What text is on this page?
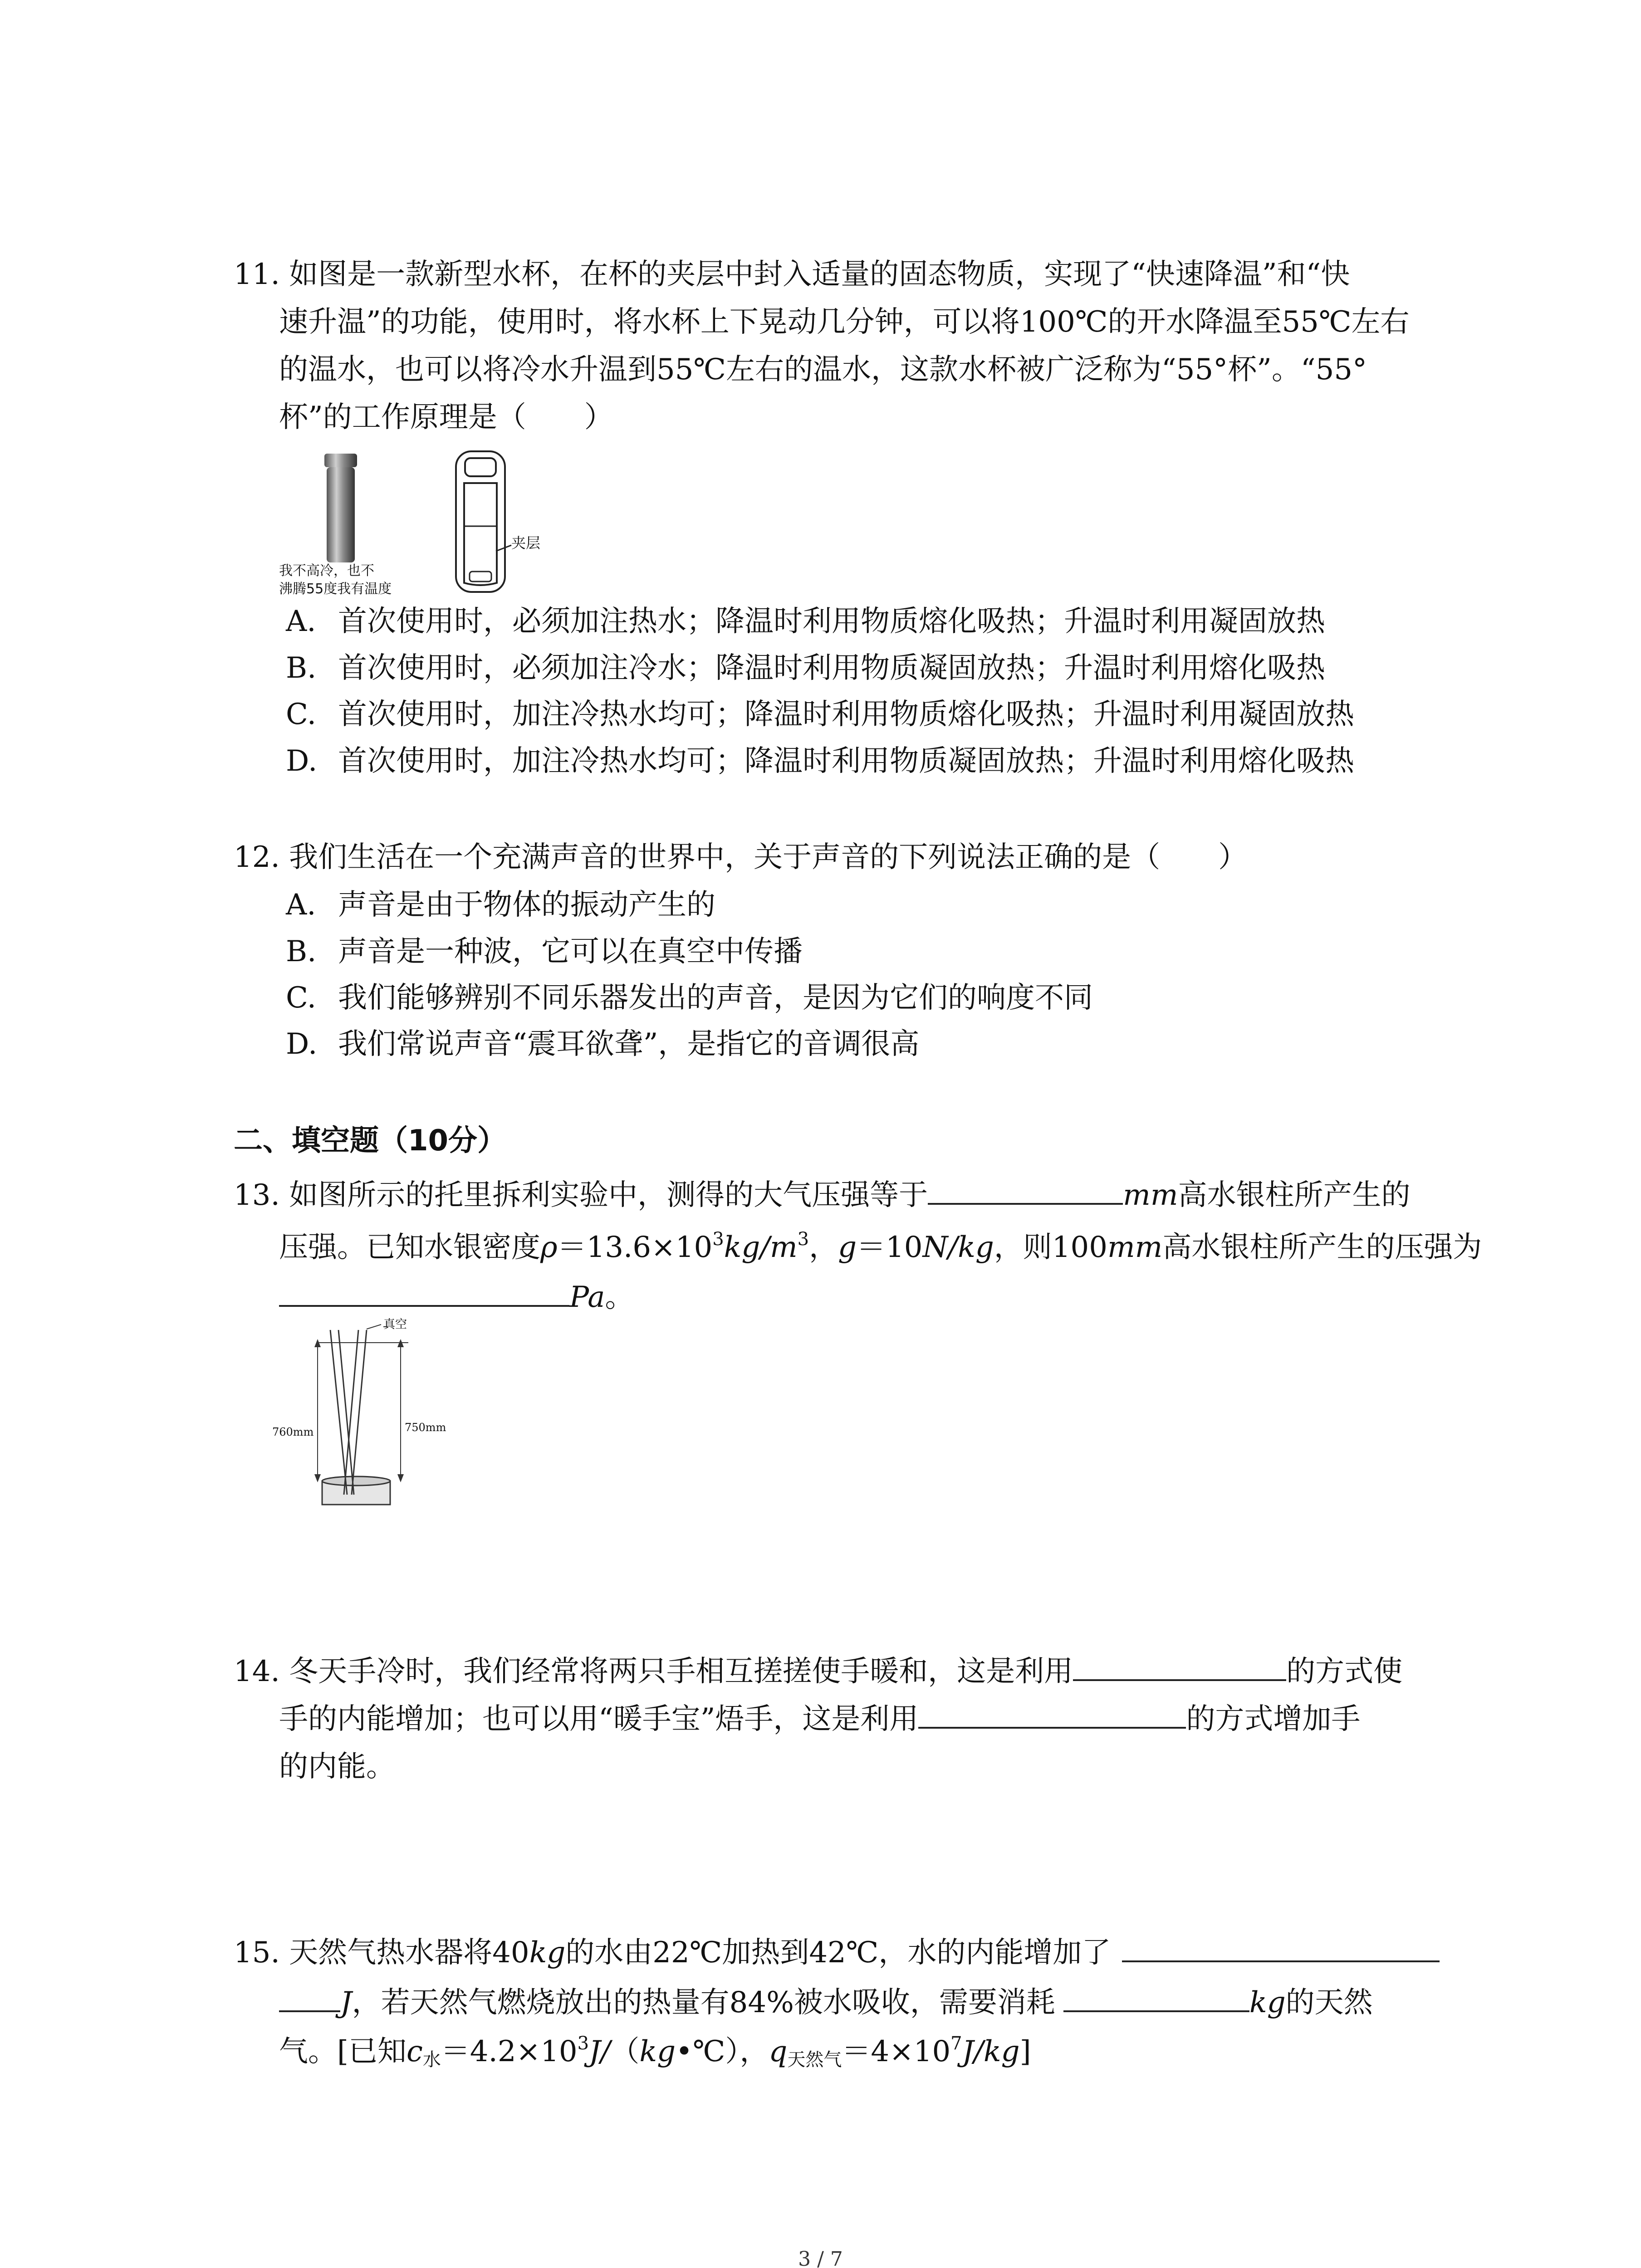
11. 如图是一款新型水杯，在杯的夹层中封入适量的固态物质，实现了“快速降温”和“快
速升温”的功能，使用时，将水杯上下晃动几分钟，可以将100℃的开水降温至55℃左右
的温水，也可以将冷水升温到55℃左右的温水，这款水杯被广泛称为“55°杯”。“55°
杯”的工作原理是（　　）
我不高冷，也不
沸腾55度我有温度
夹层
A. 首次使用时，必须加注热水；降温时利用物质熔化吸热；升温时利用凝固放热
B. 首次使用时，必须加注冷水；降温时利用物质凝固放热；升温时利用熔化吸热
C. 首次使用时，加注冷热水均可；降温时利用物质熔化吸热；升温时利用凝固放热
D. 首次使用时，加注冷热水均可；降温时利用物质凝固放热；升温时利用熔化吸热
12. 我们生活在一个充满声音的世界中，关于声音的下列说法正确的是（　　）
A. 声音是由于物体的振动产生的
B. 声音是一种波，它可以在真空中传播
C. 我们能够辨别不同乐器发出的声音，是因为它们的响度不同
D. 我们常说声音“震耳欲聋”，是指它的音调很高
二、填空题（10分）
13. 如图所示的托里拆利实验中，测得的大气压强等于	mm高水银柱所产生的
压强。已知水银密度$\rho=13.6\times 10^3kg/m^3$，g＝10N/kg，则100mm高水银柱所产生的压强为
Pa。
真空
760mm	750mm
14. 冬天手冷时，我们经常将两只手相互搓搓使手暖和，这是利用	的方式使
手的内能增加；也可以用“暖手宝”焐手，这是利用	的方式增加手
的内能。
15. 天然气热水器将40kg的水由22℃加热到42℃，水的内能增加了
J，若天然气燃烧放出的热量有84%被水吸收，需要消耗	kg的天然
气。[已知$c_水=4.2\times 10^3J/(kg•℃)$，$q_{天然气}=4\times 10^7J/kg$]
3 / 7
